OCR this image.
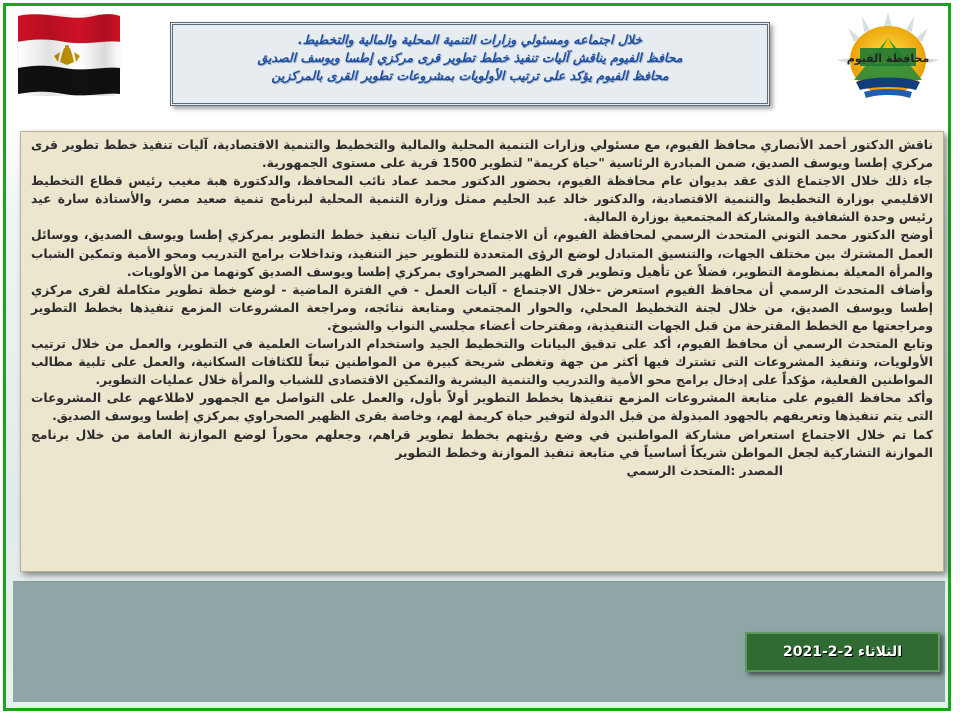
محافظة الفيوم
خلال اجتماعه ومسئولي وزارات التنمية المحلية والمالية والتخطيط.
محافظ الفيوم يناقش آليات تنفيذ خطط تطوير قرى مركزي إطسا ويوسف الصديق
محافظ الفيوم يؤكد على ترتيب الأولويات بمشروعات تطوير القرى بالمركزين

ناقش الدكتور أحمد الأنصاري محافظ الفيوم، مع مسئولي وزارات التنمية المحلية والمالية والتخطيط والتنمية الاقتصادية، آليات تنفيذ خطط تطوير قرى مركزي إطسا ويوسف الصديق، ضمن المبادرة الرئاسية "حياة كريمة" لتطوير 1500 قرية على مستوى الجمهورية.

جاء ذلك خلال الاجتماع الذى عقد بديوان عام محافظة الفيوم، بحضور الدكتور محمد عماد نائب المحافظ، والدكتورة هبة مغيب رئيس قطاع التخطيط الاقليمي بوزارة التخطيط والتنمية الاقتصادية، والدكتور خالد عبد الحليم ممثل وزارة التنمية المحلية لبرنامج تنمية صعيد مصر، والأستاذة سارة عيد رئيس وحدة الشفافية والمشاركة المجتمعية بوزارة المالية.

أوضح الدكتور محمد التوني المتحدث الرسمي لمحافظة الفيوم، أن الاجتماع تناول آليات تنفيذ خطط التطوير بمركزي إطسا ويوسف الصديق، ووسائل العمل المشترك بين مختلف الجهات، والتنسيق المتبادل لوضع الرؤى المتعددة للتطوير حيز التنفيذ، وتداخلات برامج التدريب ومحو الأمية وتمكين الشباب والمرأة المعيلة بمنظومة التطوير، فضلاً عن تأهيل وتطوير قرى الظهير الصحراوى بمركزي إطسا ويوسف الصديق كونهما من الأولويات.

وأضاف المتحدث الرسمي أن محافظ الفيوم استعرض -خلال الاجتماع - آليات العمل - في الفترة الماضية - لوضع خطة تطوير متكاملة لقرى مركزي إطسا ويوسف الصديق، من خلال لجنة التخطيط المحلي، والحوار المجتمعي ومتابعة نتائجه، ومراجعة المشروعات المزمع تنفيذها بخطط التطوير ومراجعتها مع الخطط المقترحة من قبل الجهات التنفيذية، ومقترحات أعضاء مجلسي النواب والشيوخ.

وتابع المتحدث الرسمي أن محافظ الفيوم، أكد على تدقيق البيانات والتخطيط الجيد واستخدام الدراسات العلمية في التطوير، والعمل من خلال ترتيب الأولويات، وتنفيذ المشروعات التى تشترك فيها أكثر من جهة وتغطى شريحة كبيرة من المواطنين تبعاً للكثافات السكانية، والعمل على تلبية مطالب المواطنين الفعلية، مؤكداً على إدخال برامج محو الأمية والتدريب والتنمية البشرية والتمكين الاقتصادى للشباب والمرأة خلال عمليات التطوير.

وأكد محافظ الفيوم على متابعة المشروعات المزمع تنفيذها بخطط التطوير أولاً بأول، والعمل على التواصل مع الجمهور لاطلاعهم على المشروعات التى يتم تنفيذها وتعريفهم بالجهود المبذولة من قبل الدولة لتوفير حياة كريمة لهم، وخاصة بقرى الظهير الصحراوي بمركزي إطسا ويوسف الصديق.

كما تم خلال الاجتماع استعراض مشاركة المواطنين في وضع رؤيتهم بخطط تطوير قراهم، وجعلهم محوراً لوضع الموازنة العامة من خلال برنامج الموازنة التشاركية لجعل المواطن شريكاً أساسياً في متابعة تنفيذ الموازنة وخطط التطوير

المصدر :المتحدث الرسمي

الثلاثاء 2-2-2021
